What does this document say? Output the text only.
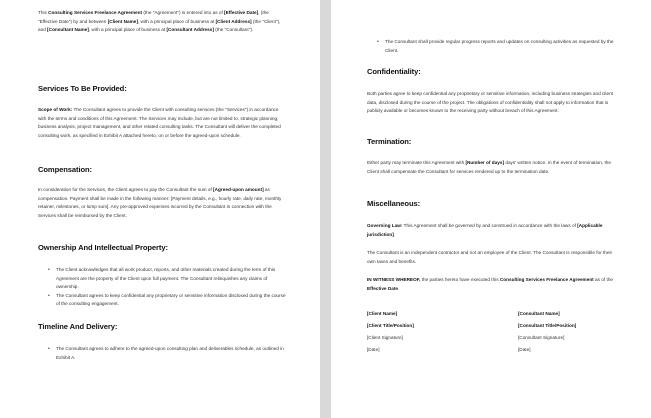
This Consulting Services Freelance Agreement (the "Agreement") is entered into as of [Effective Date], (the "Effective Date") by and between [Client Name], with a principal place of business at [Client Address] (the "Client"), and [Consultant Name], with a principal place of business at [Consultant Address] (the "Consultant").

Services To Be Provided:

Scope of Work: The Consultant agrees to provide the Client with consulting services (the "Services") in accordance with the terms and conditions of this Agreement. The Services may include, but are not limited to, strategic planning, business analysis, project management, and other related consulting tasks. The Consultant will deliver the completed consulting work, as specified in Exhibit A attached hereto, on or before the agreed-upon schedule.

Compensation:

In consideration for the Services, the Client agrees to pay the Consultant the sum of [Agreed-upon amount] as compensation. Payment shall be made in the following manner: [Payment details, e.g., hourly rate, daily rate, monthly retainer, milestones, or lump sum]. Any pre-approved expenses incurred by the Consultant in connection with the Services shall be reimbursed by the Client.

Ownership And Intellectual Property:
• The Client acknowledges that all work product, reports, and other materials created during the term of this Agreement are the property of the Client upon full payment. The Consultant relinquishes any claims of ownership.
• The Consultant agrees to keep confidential any proprietary or sensitive information disclosed during the course of the consulting engagement.
Timeline And Delivery:
• The Consultant agrees to adhere to the agreed-upon consulting plan and deliverables schedule, as outlined in Exhibit A.
• The Consultant shall provide regular progress reports and updates on consulting activities as requested by the Client.
Confidentiality:

Both parties agree to keep confidential any proprietary or sensitive information, including business strategies and client data, disclosed during the course of the project. The obligations of confidentiality shall not apply to information that is publicly available or becomes known to the receiving party without breach of this Agreement.

Termination:

Either party may terminate this Agreement with [Number of days] days' written notice. In the event of termination, the Client shall compensate the Consultant for services rendered up to the termination date.

Miscellaneous:

Governing Law: This Agreement shall be governed by and construed in accordance with the laws of [Applicable jurisdiction].

The Consultant is an independent contractor and not an employee of the Client. The Consultant is responsible for their own taxes and benefits.

IN WITNESS WHEREOF, the parties hereto have executed this Consulting Services Freelance Agreement as of the Effective Date.

[Client Name]
[Client Title/Position]
[Client Signature]
[Date]
[Consultant Name]
[Consultant Title/Position]
[Consultant Signature]
[Date]
